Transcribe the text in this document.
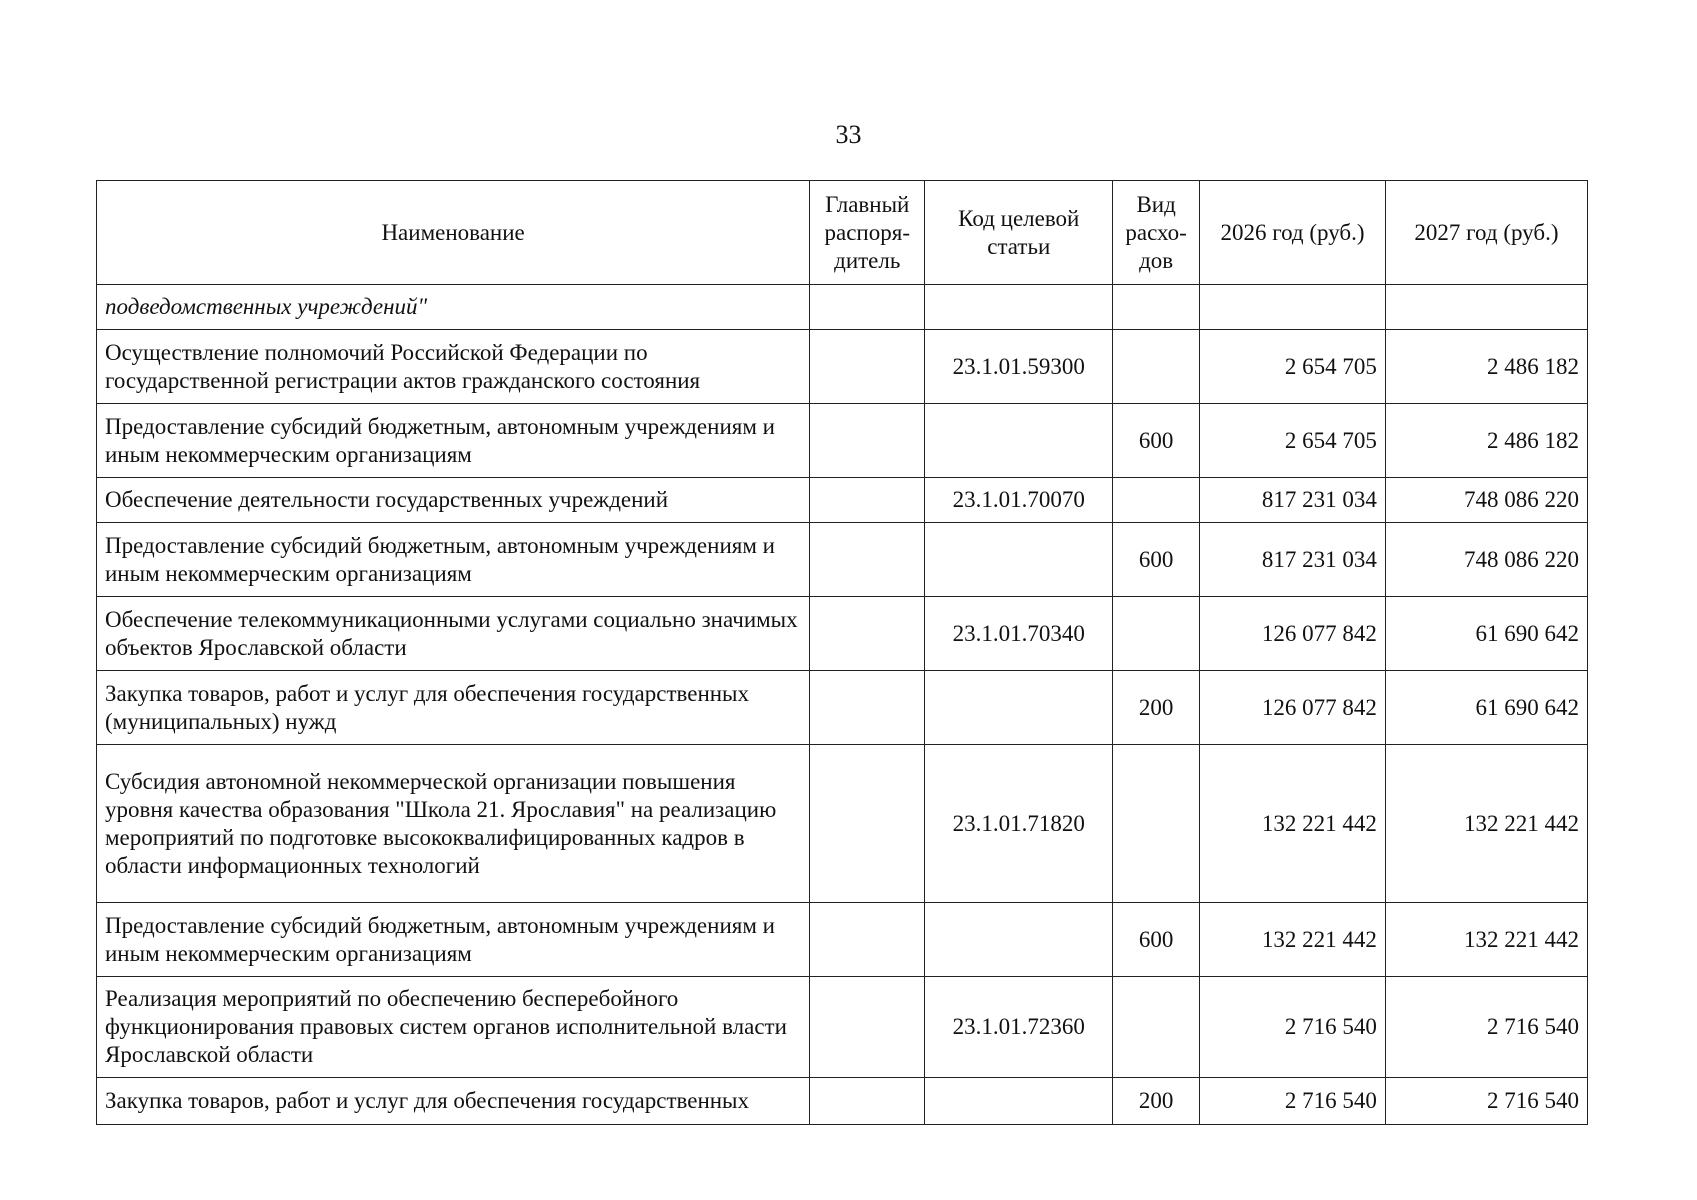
33
Наименование	Главный распоря-дитель	Код целевой статьи	Вид расхо-дов	2026 год (руб.)	2027 год (руб.)
подведомственных учреждений"					
Осуществление полномочий Российской Федерации по государственной регистрации актов гражданского состояния		23.1.01.59300		2 654 705	2 486 182
Предоставление субсидий бюджетным, автономным учреждениям и иным некоммерческим организациям			600	2 654 705	2 486 182
Обеспечение деятельности государственных учреждений		23.1.01.70070		817 231 034	748 086 220
Предоставление субсидий бюджетным, автономным учреждениям и иным некоммерческим организациям			600	817 231 034	748 086 220
Обеспечение телекоммуникационными услугами социально значимых объектов Ярославской области		23.1.01.70340		126 077 842	61 690 642
Закупка товаров, работ и услуг для обеспечения государственных (муниципальных) нужд			200	126 077 842	61 690 642
Субсидия автономной некоммерческой организации повышения уровня качества образования "Школа 21. Ярославия" на реализацию мероприятий по подготовке высококвалифицированных кадров в области информационных технологий		23.1.01.71820		132 221 442	132 221 442
Предоставление субсидий бюджетным, автономным учреждениям и иным некоммерческим организациям			600	132 221 442	132 221 442
Реализация мероприятий по обеспечению бесперебойного функционирования правовых систем органов исполнительной власти Ярославской области		23.1.01.72360		2 716 540	2 716 540
Закупка товаров, работ и услуг для обеспечения государственных			200	2 716 540	2 716 540
